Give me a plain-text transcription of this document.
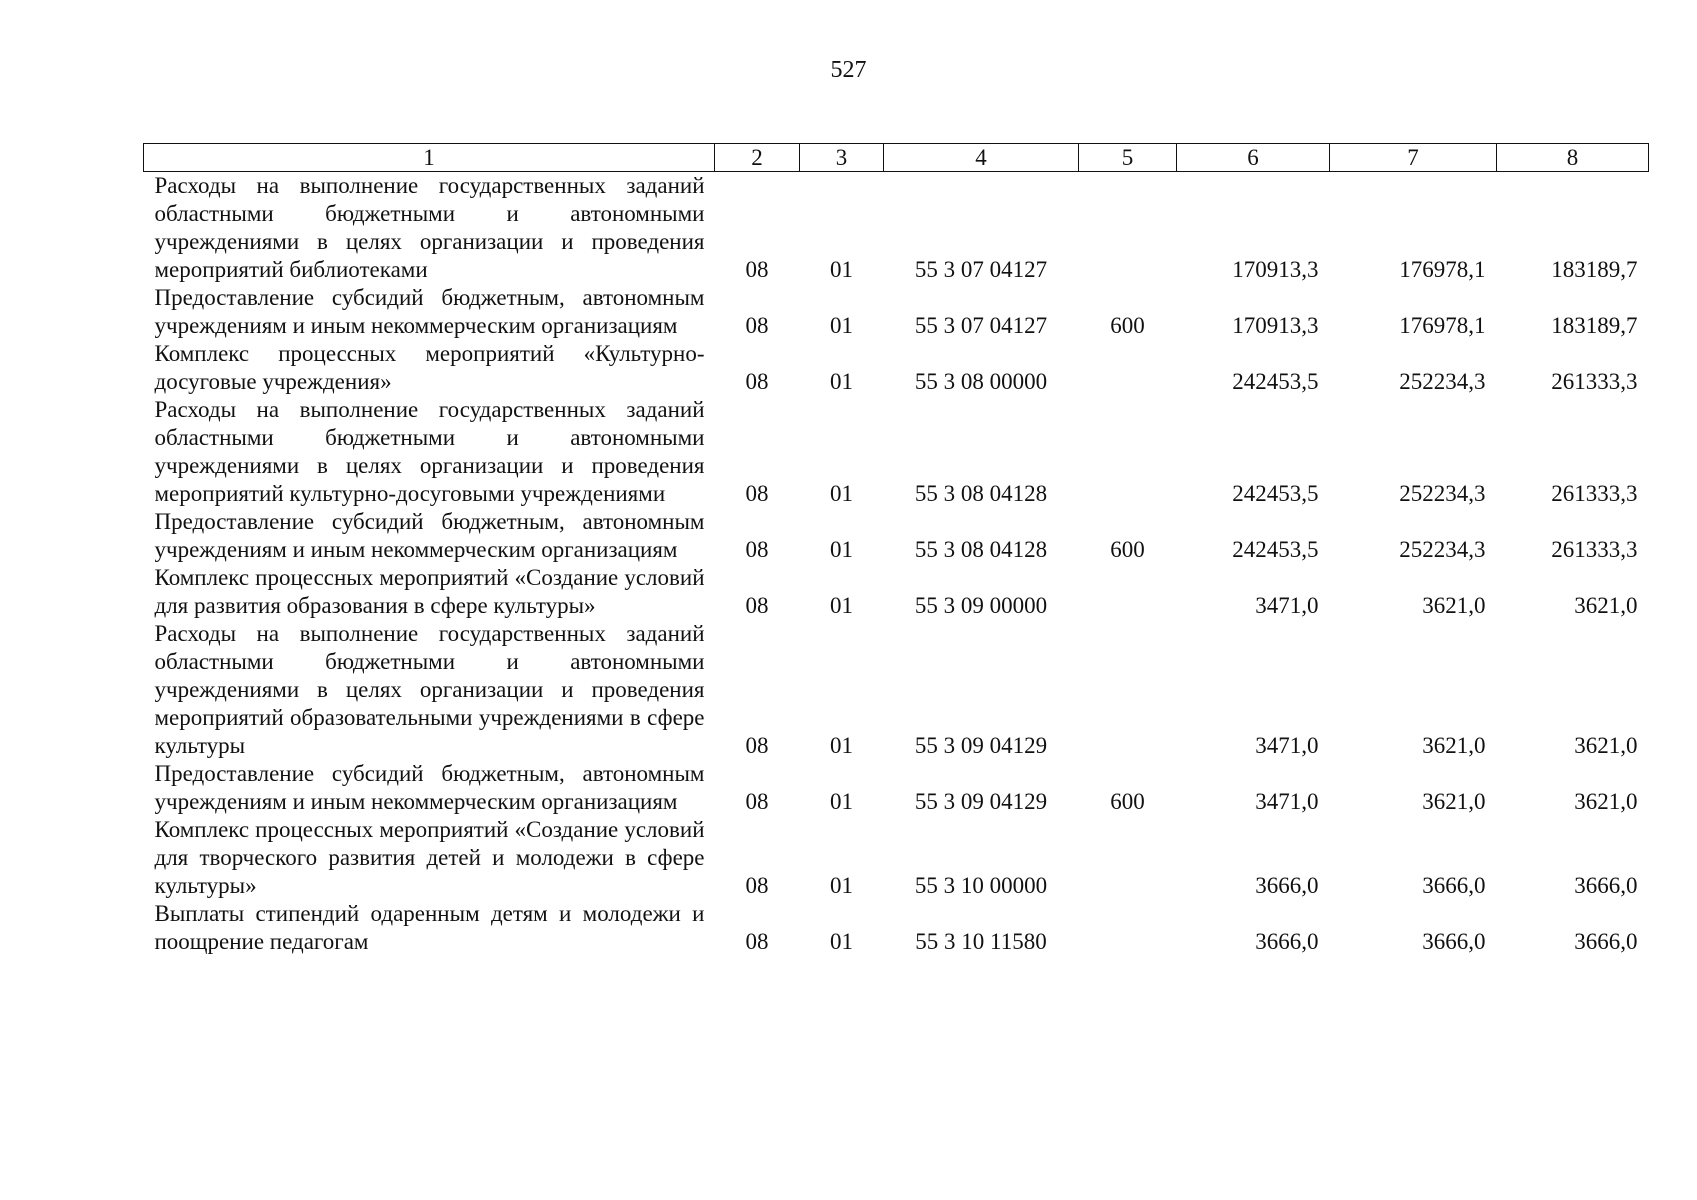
527
1	2	3	4	5	6	7	8
Расходы на выполнение государственных заданий областными бюджетными и автономными учреждениями в целях организации и проведения мероприятий библиотеками	08	01	55 3 07 04127		170913,3	176978,1	183189,7
Предоставление субсидий бюджетным, автономным учреждениям и иным некоммерческим организациям	08	01	55 3 07 04127	600	170913,3	176978,1	183189,7
Комплекс процессных мероприятий «Культурно-досуговые учреждения»	08	01	55 3 08 00000		242453,5	252234,3	261333,3
Расходы на выполнение государственных заданий областными бюджетными и автономными учреждениями в целях организации и проведения мероприятий культурно-досуговыми учреждениями	08	01	55 3 08 04128		242453,5	252234,3	261333,3
Предоставление субсидий бюджетным, автономным учреждениям и иным некоммерческим организациям	08	01	55 3 08 04128	600	242453,5	252234,3	261333,3
Комплекс процессных мероприятий «Создание условий для развития образования в сфере культуры»	08	01	55 3 09 00000		3471,0	3621,0	3621,0
Расходы на выполнение государственных заданий областными бюджетными и автономными учреждениями в целях организации и проведения мероприятий образовательными учреждениями в сфере культуры	08	01	55 3 09 04129		3471,0	3621,0	3621,0
Предоставление субсидий бюджетным, автономным учреждениям и иным некоммерческим организациям	08	01	55 3 09 04129	600	3471,0	3621,0	3621,0
Комплекс процессных мероприятий «Создание условий для творческого развития детей и молодежи в сфере культуры»	08	01	55 3 10 00000		3666,0	3666,0	3666,0
Выплаты стипендий одаренным детям и молодежи и поощрение педагогам	08	01	55 3 10 11580		3666,0	3666,0	3666,0
